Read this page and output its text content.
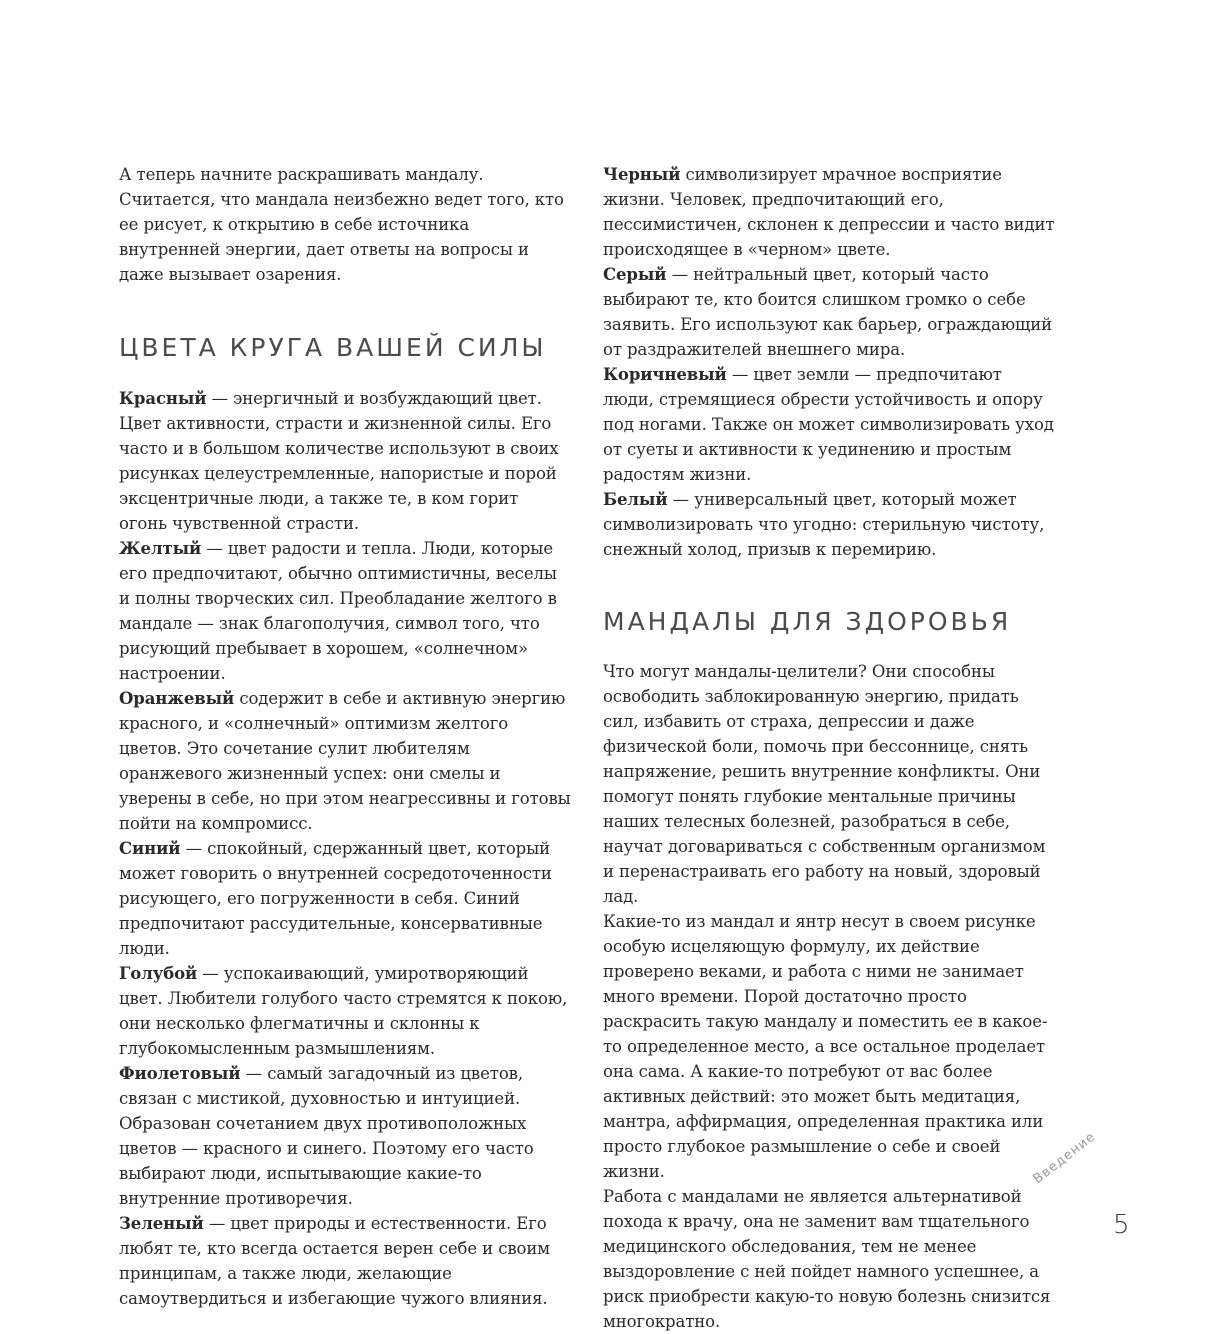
А теперь начните раскрашивать мандалу. Считается, что мандала неизбежно ведет того, кто ее рисует, к открытию в себе источника внутренней энергии, дает ответы на вопросы и даже вызывает озарения.

ЦВЕТА КРУГА ВАШЕЙ СИЛЫ

Красный — энергичный и возбуждающий цвет. Цвет активности, страсти и жизненной силы. Его часто и в большом количестве используют в своих рисунках целеустремленные, напористые и порой эксцентричные люди, а также те, в ком горит огонь чувственной страсти.

Желтый — цвет радости и тепла. Люди, которые его предпочитают, обычно оптимистичны, веселы и полны творческих сил. Преобладание желтого в мандале — знак благополучия, символ того, что рисующий пребывает в хорошем, «солнечном» настроении.

Оранжевый содержит в себе и активную энергию красного, и «солнечный» оптимизм желтого цветов. Это сочетание сулит любителям оранжевого жизненный успех: они смелы и уверены в себе, но при этом неагрессивны и готовы пойти на компромисс.

Синий — спокойный, сдержанный цвет, который может говорить о внутренней сосредоточенности рисующего, его погруженности в себя. Синий предпочитают рассудительные, консервативные люди.

Голубой — успокаивающий, умиротворяющий цвет. Любители голубого часто стремятся к покою, они несколько флегматичны и склонны к глубокомысленным размышлениям.

Фиолетовый — самый загадочный из цветов, связан с мистикой, духовностью и интуицией. Образован сочетанием двух противоположных цветов — красного и синего. Поэтому его часто выбирают люди, испытывающие какие-то внутренние противоречия.

Зеленый — цвет природы и естественности. Его любят те, кто всегда остается верен себе и своим принципам, а также люди, желающие самоутвердиться и избегающие чужого влияния.

Черный символизирует мрачное восприятие жизни. Человек, предпочитающий его, пессимистичен, склонен к депрессии и часто видит происходящее в «черном» цвете.

Серый — нейтральный цвет, который часто выбирают те, кто боится слишком громко о себе заявить. Его используют как барьер, ограждающий от раздражителей внешнего мира.

Коричневый — цвет земли — предпочитают люди, стремящиеся обрести устойчивость и опору под ногами. Также он может символизировать уход от суеты и активности к уединению и простым радостям жизни.

Белый — универсальный цвет, который может символизировать что угодно: стерильную чистоту, снежный холод, призыв к перемирию.

МАНДАЛЫ ДЛЯ ЗДОРОВЬЯ

Что могут мандалы-целители? Они способны освободить заблокированную энергию, придать сил, избавить от страха, депрессии и даже физической боли, помочь при бессоннице, снять напряжение, решить внутренние конфликты. Они помогут понять глубокие ментальные причины наших телесных болезней, разобраться в себе, научат договариваться с собственным организмом и перенастраивать его работу на новый, здоровый лад.

Какие-то из мандал и янтр несут в своем рисунке особую исцеляющую формулу, их действие проверено веками, и работа с ними не занимает много времени. Порой достаточно просто раскрасить такую мандалу и поместить ее в какое-то определенное место, а все остальное проделает она сама. А какие-то потребуют от вас более активных действий: это может быть медитация, мантра, аффирмация, определенная практика или просто глубокое размышление о себе и своей жизни.

Работа с мандалами не является альтернативой похода к врачу, она не заменит вам тщательного медицинского обследования, тем не менее выздоровление с ней пойдет намного успешнее, а риск приобрести какую-то новую болезнь снизится многократно.

Введение
5
